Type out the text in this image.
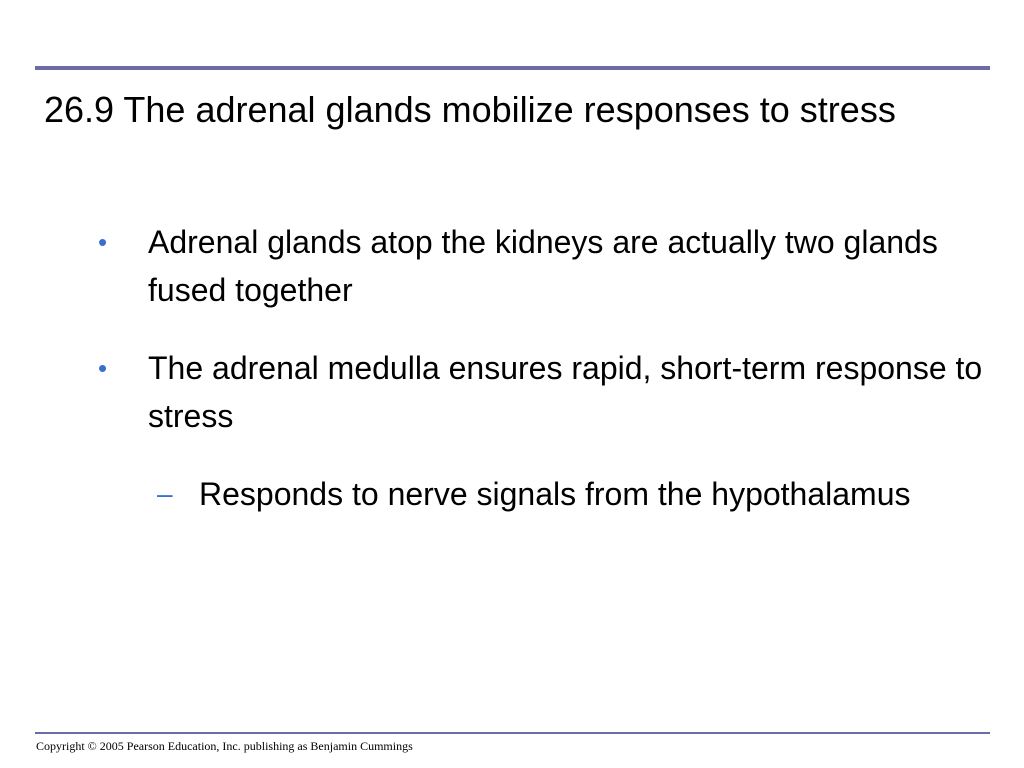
26.9 The adrenal glands mobilize responses to stress
• Adrenal glands atop the kidneys are actually two glands fused together
• The adrenal medulla ensures rapid, short-term response to stress
– Responds to nerve signals from the hypothalamus
Copyright © 2005 Pearson Education, Inc. publishing as Benjamin Cummings
